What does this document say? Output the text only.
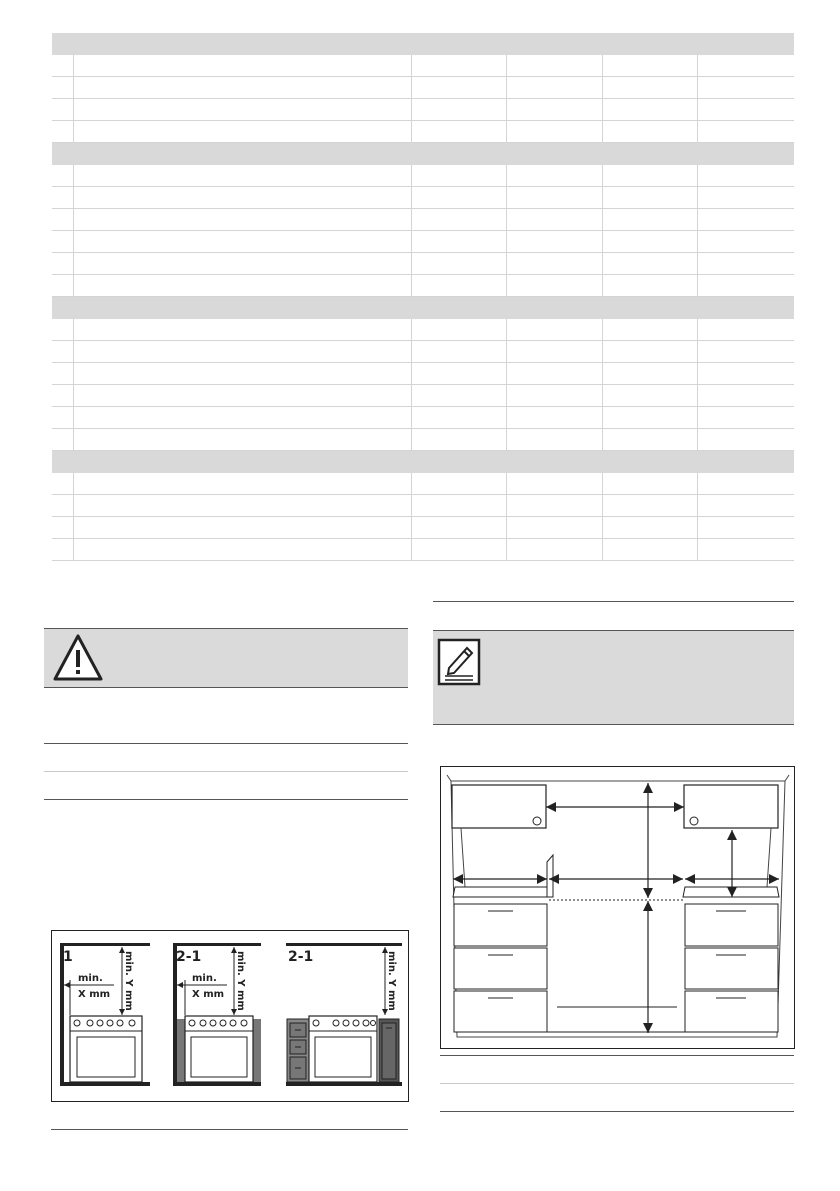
1	min. Y mm
min.
X mm
2-1	min. Y mm
min.
X mm
2-1	min. Y mm
